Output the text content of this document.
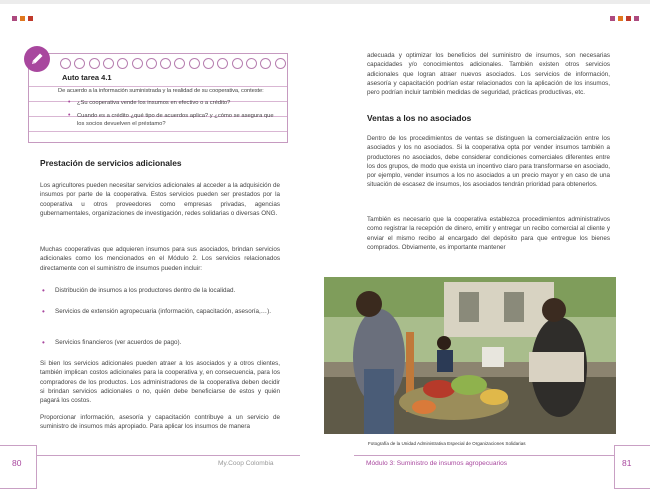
Auto tarea 4.1
De acuerdo a la información suministrada y la realidad de su cooperativa, conteste:
• ¿Su cooperativa vende los insumos en efectivo o a crédito?
• Cuando es a crédito ¿qué tipo de acuerdos aplica? y ¿cómo se asegura que los socios devuelven el préstamo?
Prestación de servicios adicionales

Los agricultores pueden necesitar servicios adicionales al acceder a la adquisición de insumos por parte de la cooperativa. Estos servicios pueden ser prestados por la cooperativa u otros proveedores como empresas privadas, agencias gubernamentales, organizaciones de investigación, redes solidarias o diversas ONG.

Muchas cooperativas que adquieren insumos para sus asociados, brindan servicios adicionales como los mencionados en el Módulo 2. Los servicios relacionados directamente con el suministro de insumos pueden incluir:

• Distribución de insumos a los productores dentro de la localidad.
• Servicios de extensión agropecuaria (información, capacitación, asesoría,…).
• Servicios financieros (ver acuerdos de pago).

Si bien los servicios adicionales pueden atraer a los asociados y a otros clientes, también implican costos adicionales para la cooperativa y, en consecuencia, para los compradores de los productos. Los administradores de la cooperativa deben decidir si brindan servicios adicionales o no, quién debe beneficiarse de estos y quién pagará los costos.

Proporcionar información, asesoría y capacitación contribuye a un servicio de suministro de insumos más apropiado. Para aplicar los insumos de manera

adecuada y optimizar los beneficios del suministro de insumos, son necesarias capacidades y/o conocimientos adicionales. También existen otros servicios adicionales que logran atraer nuevos asociados. Los servicios de información, asesoría y capacitación podrían estar relacionados con la aplicación de los insumos, pero podrían incluir también medidas de seguridad, prácticas productivas, etc.

Ventas a los no asociados

Dentro de los procedimientos de ventas se distinguen la comercialización entre los asociados y los no asociados. Si la cooperativa opta por vender insumos también a productores no asociados, debe considerar condiciones comerciales diferentes entre los dos grupos, de modo que exista un incentivo claro para transformarse en asociado, por ejemplo, vender insumos a los no asociados a un precio mayor y en caso de una situación de escasez de insumos, los asociados tendrán prioridad para obtenerlos.

También es necesario que la cooperativa establezca procedimientos administrativos como registrar la recepción de dinero, emitir y entregar un recibo comercial al cliente y enviar el mismo recibo al encargado del depósito para que entregue los bienes comprados. Obviamente, es importante mantener

Fotografía de la Unidad Administrativa Especial de Organizaciones Solidarias
80	My.Coop Colombia	Módulo 3: Suministro de insumos agropecuarios	81
